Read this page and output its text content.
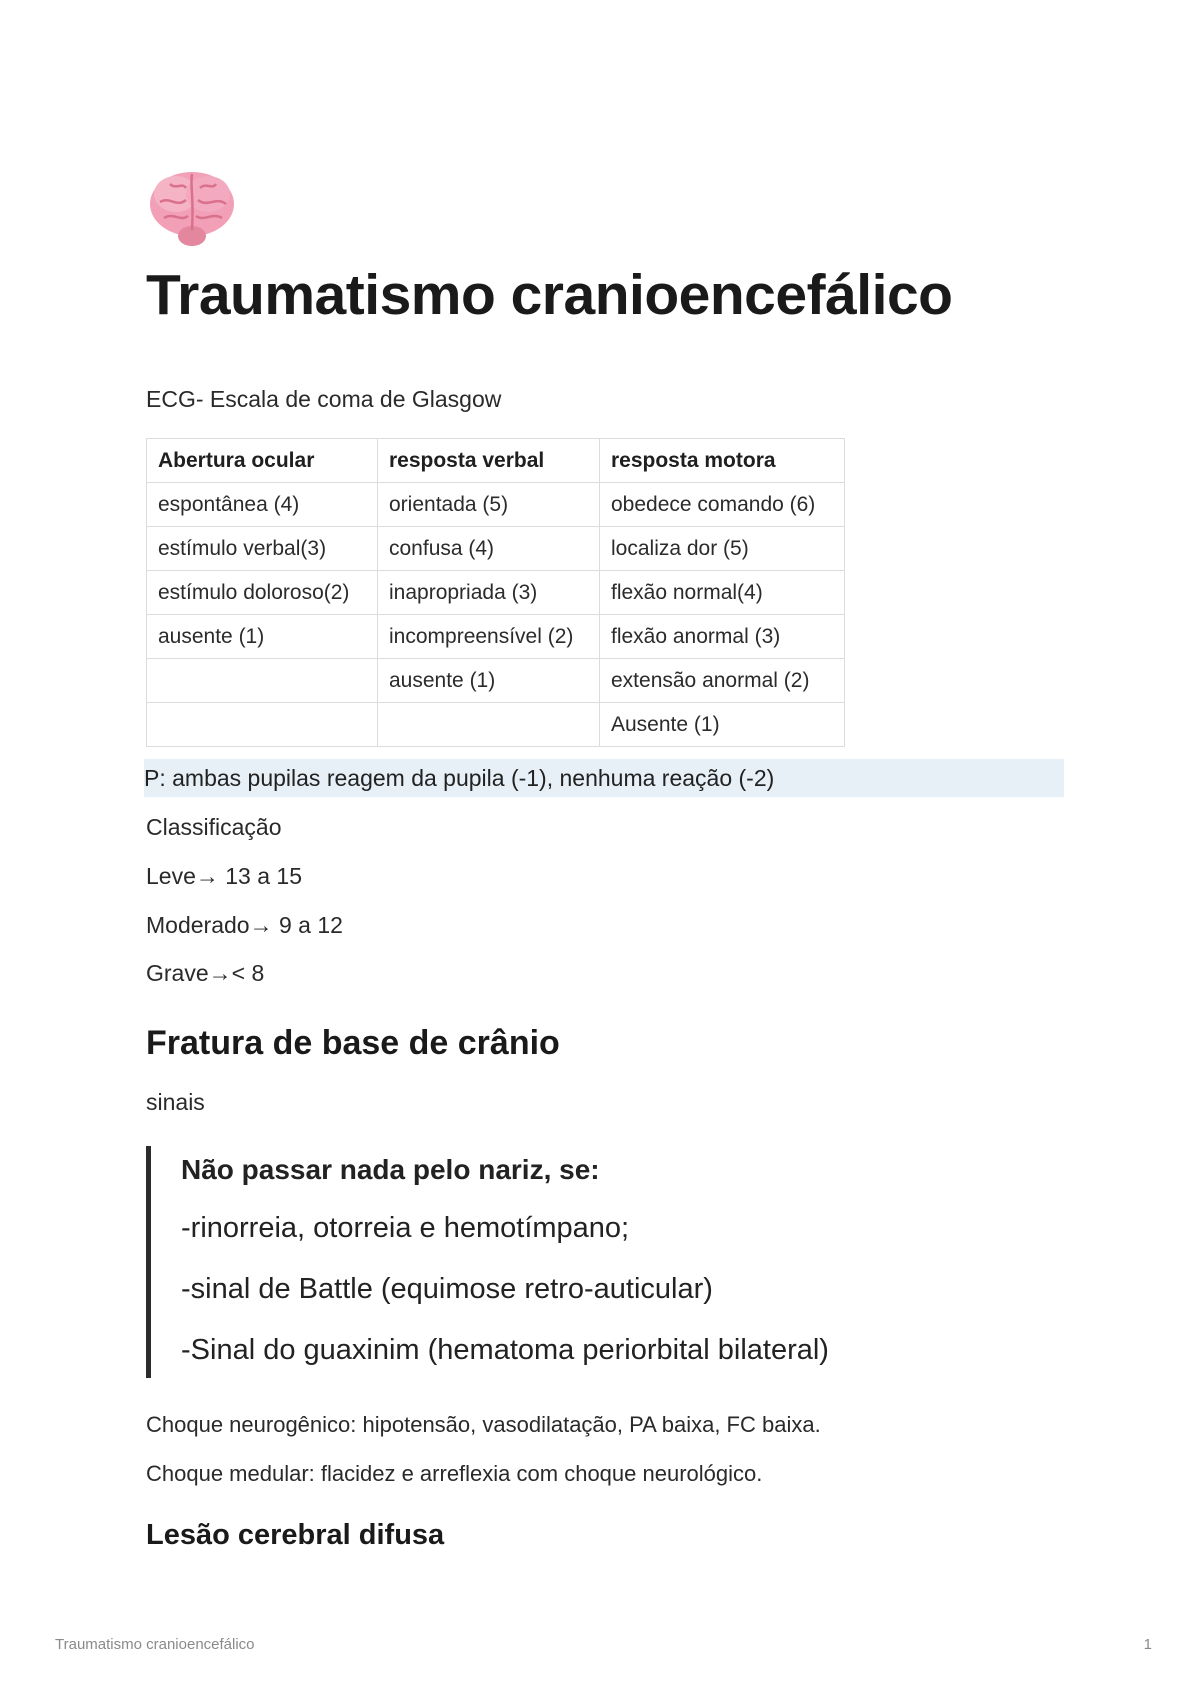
Traumatismo cranioencefálico

ECG- Escala de coma de Glasgow

Abertura ocular	resposta verbal	resposta motora
espontânea (4)	orientada (5)	obedece comando (6)
estímulo verbal(3)	confusa (4)	localiza dor (5)
estímulo doloroso(2)	inapropriada (3)	flexão normal(4)
ausente (1)	incompreensível (2)	flexão anormal (3)
	ausente (1)	extensão anormal (2)
		Ausente (1)
P: ambas pupilas reagem da pupila (-1), nenhuma reação (-2)

Classificação

Leve→ 13 a 15

Moderado→ 9 a 12

Grave→< 8

Fratura de base de crânio

sinais

Não passar nada pelo nariz, se:

-rinorreia, otorreia e hemotímpano;

-sinal de Battle (equimose retro-auticular)

-Sinal do guaxinim (hematoma periorbital bilateral)

Choque neurogênico: hipotensão, vasodilatação, PA baixa, FC baixa.

Choque medular: flacidez e arreflexia com choque neurológico.

Lesão cerebral difusa
Traumatismo cranioencefálico	1
